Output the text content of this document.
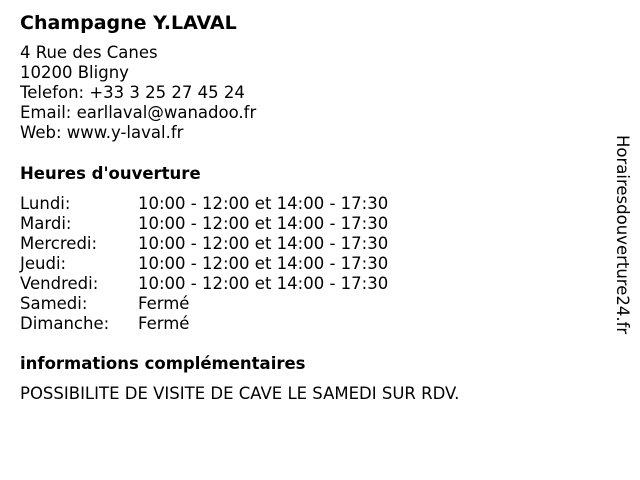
Champagne Y.LAVAL
4 Rue des Canes
10200 Bligny
Telefon: +33 3 25 27 45 24
Email: earllaval@wanadoo.fr
Web: www.y-laval.fr
Heures d'ouverture
Lundi:	10:00 - 12:00 et 14:00 - 17:30
Mardi:	10:00 - 12:00 et 14:00 - 17:30
Mercredi: 10:00 - 12:00 et 14:00 - 17:30
Jeudi:	10:00 - 12:00 et 14:00 - 17:30
Vendredi: 10:00 - 12:00 et 14:00 - 17:30
Samedi:	Fermé
Dimanche: Fermé
informations complémentaires
POSSIBILITE DE VISITE DE CAVE LE SAMEDI SUR RDV.
Horairesdouverture24.fr
